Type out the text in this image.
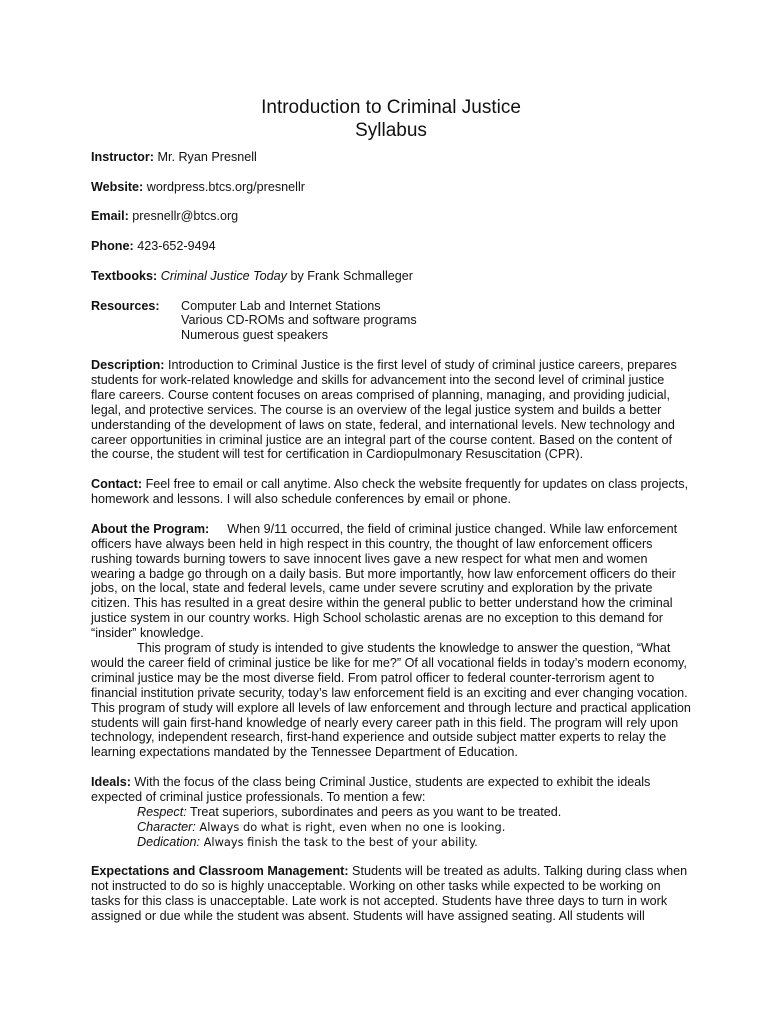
Introduction to Criminal Justice
Syllabus
Instructor: Mr. Ryan Presnell
Website: wordpress.btcs.org/presnellr
Email: presnellr@btcs.org
Phone: 423-652-9494
Textbooks: Criminal Justice Today by Frank Schmalleger
Resources:	Computer Lab and Internet Stations
Various CD-ROMs and software programs
Numerous guest speakers
Description: Introduction to Criminal Justice is the first level of study of criminal justice careers, prepares students for work-related knowledge and skills for advancement into the second level of criminal justice flare careers. Course content focuses on areas comprised of planning, managing, and providing judicial, legal, and protective services. The course is an overview of the legal justice system and builds a better understanding of the development of laws on state, federal, and international levels. New technology and career opportunities in criminal justice are an integral part of the course content. Based on the content of the course, the student will test for certification in Cardiopulmonary Resuscitation (CPR).
Contact: Feel free to email or call anytime. Also check the website frequently for updates on class projects, homework and lessons. I will also schedule conferences by email or phone.
About the Program: When 9/11 occurred, the field of criminal justice changed. While law enforcement officers have always been held in high respect in this country, the thought of law enforcement officers rushing towards burning towers to save innocent lives gave a new respect for what men and women wearing a badge go through on a daily basis. But more importantly, how law enforcement officers do their jobs, on the local, state and federal levels, came under severe scrutiny and exploration by the private citizen. This has resulted in a great desire within the general public to better understand how the criminal justice system in our country works. High School scholastic arenas are no exception to this demand for “insider” knowledge.
This program of study is intended to give students the knowledge to answer the question, “What would the career field of criminal justice be like for me?” Of all vocational fields in today’s modern economy, criminal justice may be the most diverse field. From patrol officer to federal counter-terrorism agent to financial institution private security, today’s law enforcement field is an exciting and ever changing vocation. This program of study will explore all levels of law enforcement and through lecture and practical application students will gain first-hand knowledge of nearly every career path in this field. The program will rely upon technology, independent research, first-hand experience and outside subject matter experts to relay the learning expectations mandated by the Tennessee Department of Education.
Ideals: With the focus of the class being Criminal Justice, students are expected to exhibit the ideals expected of criminal justice professionals. To mention a few:
Respect: Treat superiors, subordinates and peers as you want to be treated.
Character: Always do what is right, even when no one is looking.
Dedication: Always finish the task to the best of your ability.
Expectations and Classroom Management: Students will be treated as adults. Talking during class when not instructed to do so is highly unacceptable. Working on other tasks while expected to be working on tasks for this class is unacceptable. Late work is not accepted. Students have three days to turn in work assigned or due while the student was absent. Students will have assigned seating. All students will
